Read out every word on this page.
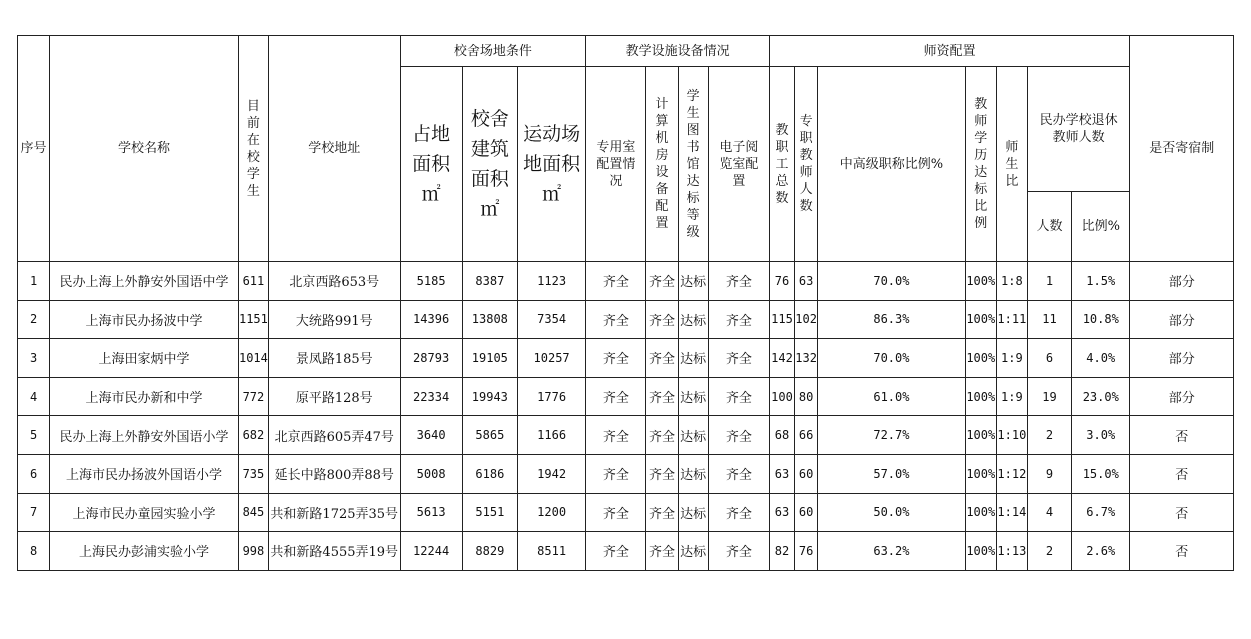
序号	学校名称	目前在校学生	学校地址	校舍场地条件			教学设施设备情况				师资配置							是否寄宿制
				占地面积㎡	校舍建筑面积㎡	运动场地面积㎡	专用室配置情况	计算机房设备配置	学生图书馆达标等级	电子阅览室配置	教职工总数	专职教师人数	中高级职称比例%	教师学历达标比例	师生比	民办学校退休教师人数		
																人数	比例%	
1	民办上海上外静安外国语中学	611	北京西路653号	5185	8387	1123	齐全	齐全	达标	齐全	76	63	70.0%	100%	1:8	1	1.5%	部分
2	上海市民办扬波中学	1151	大统路991号	14396	13808	7354	齐全	齐全	达标	齐全	115	102	86.3%	100%	1:11	11	10.8%	部分
3	上海田家炳中学	1014	景凤路185号	28793	19105	10257	齐全	齐全	达标	齐全	142	132	70.0%	100%	1:9	6	4.0%	部分
4	上海市民办新和中学	772	原平路128号	22334	19943	1776	齐全	齐全	达标	齐全	100	80	61.0%	100%	1:9	19	23.0%	部分
5	民办上海上外静安外国语小学	682	北京西路605弄47号	3640	5865	1166	齐全	齐全	达标	齐全	68	66	72.7%	100%	1:10	2	3.0%	否
6	上海市民办扬波外国语小学	735	延长中路800弄88号	5008	6186	1942	齐全	齐全	达标	齐全	63	60	57.0%	100%	1:12	9	15.0%	否
7	上海市民办童园实验小学	845	共和新路1725弄35号	5613	5151	1200	齐全	齐全	达标	齐全	63	60	50.0%	100%	1:14	4	6.7%	否
8	上海民办彭浦实验小学	998	共和新路4555弄19号	12244	8829	8511	齐全	齐全	达标	齐全	82	76	63.2%	100%	1:13	2	2.6%	否
